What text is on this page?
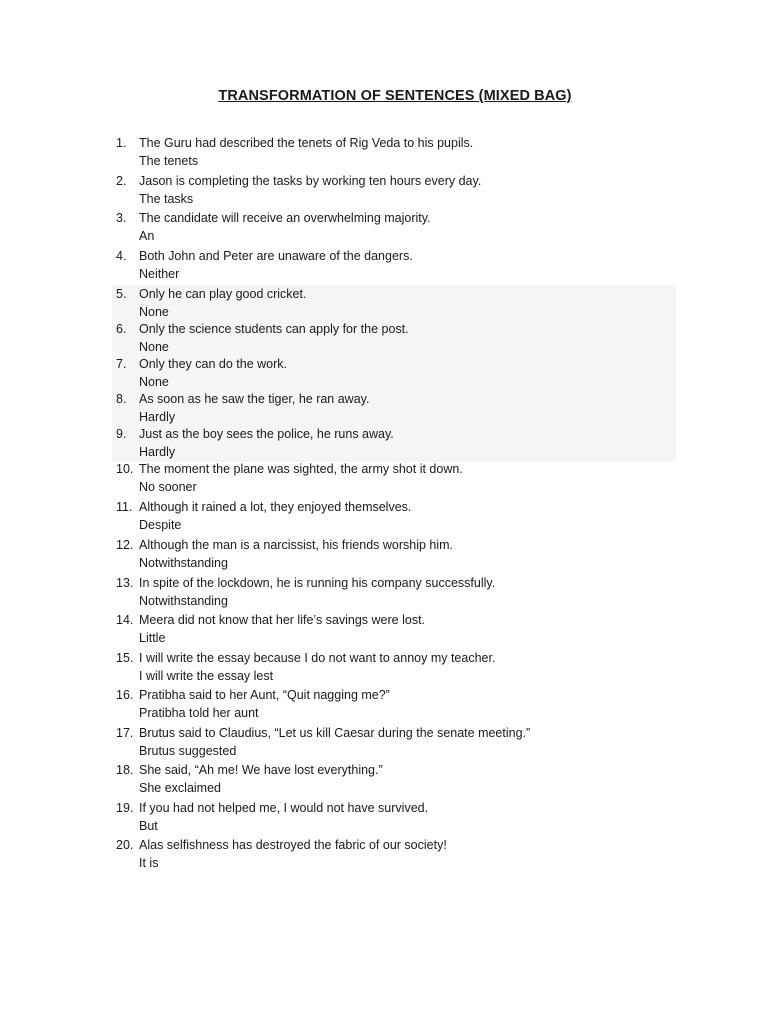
TRANSFORMATION OF SENTENCES (MIXED BAG)
1. The Guru had described the tenets of Rig Veda to his pupils.
The tenets
2. Jason is completing the tasks by working ten hours every day.
The tasks
3. The candidate will receive an overwhelming majority.
An
4. Both John and Peter are unaware of the dangers.
Neither
5. Only he can play good cricket.
None
6. Only the science students can apply for the post.
None
7. Only they can do the work.
None
8. As soon as he saw the tiger, he ran away.
Hardly
9. Just as the boy sees the police, he runs away.
Hardly
10. The moment the plane was sighted, the army shot it down.
No sooner
11. Although it rained a lot, they enjoyed themselves.
Despite
12. Although the man is a narcissist, his friends worship him.
Notwithstanding
13. In spite of the lockdown, he is running his company successfully.
Notwithstanding
14. Meera did not know that her life’s savings were lost.
Little
15. I will write the essay because I do not want to annoy my teacher.
I will write the essay lest
16. Pratibha said to her Aunt, “Quit nagging me?”
Pratibha told her aunt
17. Brutus said to Claudius, “Let us kill Caesar during the senate meeting.”
Brutus suggested
18. She said, “Ah me! We have lost everything.”
She exclaimed
19. If you had not helped me, I would not have survived.
But
20. Alas selfishness has destroyed the fabric of our society!
It is
